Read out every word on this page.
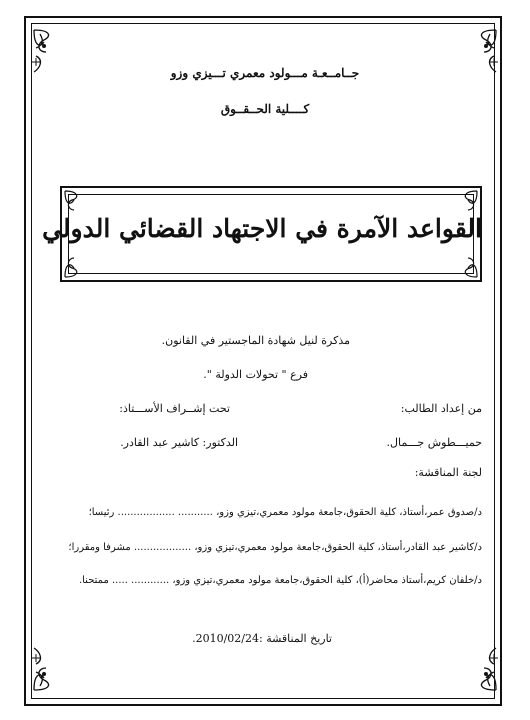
جــامــعـة مـــولود معمري تـــيزي وزو
كــــلية الحــقــوق
القواعد الآمرة في الاجتهاد القضائي الدولي
مذكرة لنيل شهادة الماجستير في القانون.
فرع " تحولات الدولة ".
من إعداد الطالب:
تحت إشــراف الأســـتاذ:
حميـــطوش جـــمال.
الدكتور: كاشير عبد القادر.
لجنة المناقشة:
د/صدوق عمر،أستاذ، كلية الحقوق،جامعة مولود معمري،تيزي وزو، ........... .................. رئيسا؛
د/كاشير عبد القادر،أستاذ، كلية الحقوق،جامعة مولود معمري،تيزي وزو، .................. مشرفا ومقررا؛
د/خلفان كريم،أستاذ محاضر(أ)، كلية الحقوق،جامعة مولود معمري،تيزي وزو، ............ ..... ممتحنا.
تاريخ المناقشة :2010/02/24.
